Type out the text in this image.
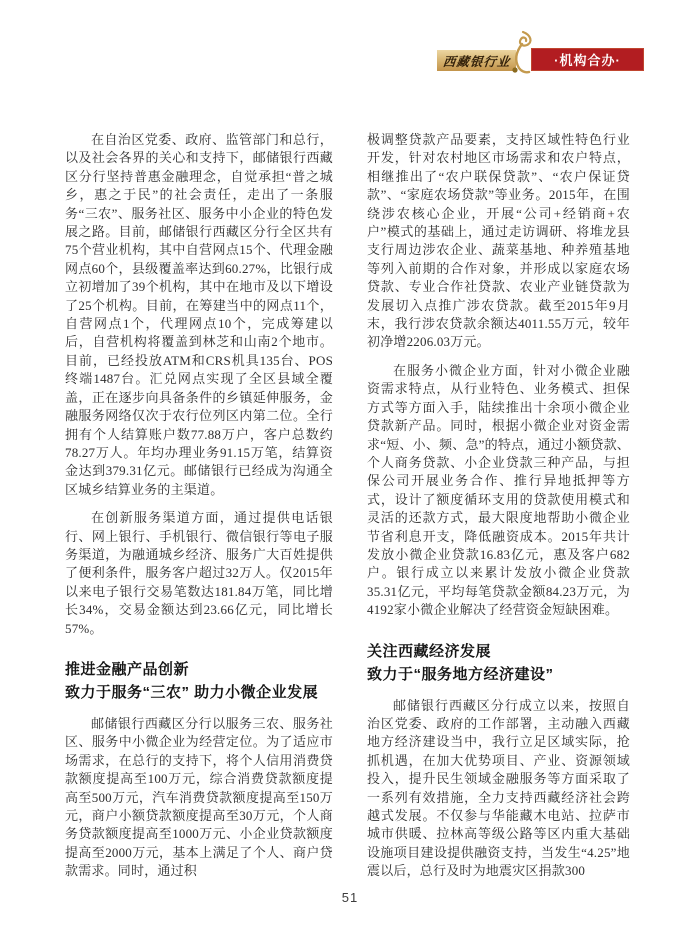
西藏银行业	·机构合办·

在自治区党委、政府、监管部门和总行，以及社会各界的关心和支持下，邮储银行西藏区分行坚持普惠金融理念，自觉承担“普之城乡，惠之于民”的社会责任，走出了一条服务“三农”、服务社区、服务中小企业的特色发展之路。目前，邮储银行西藏区分行全区共有75个营业机构，其中自营网点15个、代理金融网点60个，县级覆盖率达到60.27%，比银行成立初增加了39个机构，其中在地市及以下增设了25个机构。目前，在筹建当中的网点11个，自营网点1个，代理网点10个，完成筹建以后，自营机构将覆盖到林芝和山南2个地市。目前，已经投放ATM和CRS机具135台、POS终端1487台。汇兑网点实现了全区县域全覆盖，正在逐步向具备条件的乡镇延伸服务，金融服务网络仅次于农行位列区内第二位。全行拥有个人结算账户数77.88万户，客户总数约78.27万人。年均办理业务91.15万笔，结算资金达到379.31亿元。邮储银行已经成为沟通全区城乡结算业务的主渠道。

在创新服务渠道方面，通过提供电话银行、网上银行、手机银行、微信银行等电子服务渠道，为融通城乡经济、服务广大百姓提供了便利条件，服务客户超过32万人。仅2015年以来电子银行交易笔数达181.84万笔，同比增长34%，交易金额达到23.66亿元，同比增长57%。

推进金融产品创新
致力于服务“三农” 助力小微企业发展

邮储银行西藏区分行以服务三农、服务社区、服务中小微企业为经营定位。为了适应市场需求，在总行的支持下，将个人信用消费贷款额度提高至100万元，综合消费贷款额度提高至500万元，汽车消费贷款额度提高至150万元，商户小额贷款额度提高至30万元，个人商务贷款额度提高至1000万元、小企业贷款额度提高至2000万元，基本上满足了个人、商户贷款需求。同时，通过积

极调整贷款产品要素，支持区域性特色行业开发，针对农村地区市场需求和农户特点，相继推出了“农户联保贷款”、“农户保证贷款”、“家庭农场贷款”等业务。2015年，在围绕涉农核心企业，开展“公司+经销商+农户”模式的基础上，通过走访调研、将堆龙县支行周边涉农企业、蔬菜基地、种养殖基地等列入前期的合作对象，并形成以家庭农场贷款、专业合作社贷款、农业产业链贷款为发展切入点推广涉农贷款。截至2015年9月末，我行涉农贷款余额达4011.55万元，较年初净增2206.03万元。

在服务小微企业方面，针对小微企业融资需求特点，从行业特色、业务模式、担保方式等方面入手，陆续推出十余项小微企业贷款新产品。同时，根据小微企业对资金需求“短、小、频、急”的特点，通过小额贷款、个人商务贷款、小企业贷款三种产品，与担保公司开展业务合作、推行异地抵押等方式，设计了额度循环支用的贷款使用模式和灵活的还款方式，最大限度地帮助小微企业节省利息开支，降低融资成本。2015年共计发放小微企业贷款16.83亿元，惠及客户682户。银行成立以来累计发放小微企业贷款35.31亿元，平均每笔贷款金额84.23万元，为4192家小微企业解决了经营资金短缺困难。

关注西藏经济发展
致力于“服务地方经济建设”

邮储银行西藏区分行成立以来，按照自治区党委、政府的工作部署，主动融入西藏地方经济建设当中，我行立足区域实际，抢抓机遇，在加大优势项目、产业、资源领域投入，提升民生领域金融服务等方面采取了一系列有效措施，全力支持西藏经济社会跨越式发展。不仅参与华能藏木电站、拉萨市城市供暖、拉林高等级公路等区内重大基础设施项目建设提供融资支持，当发生“4.25”地震以后，总行及时为地震灾区捐款300

51
